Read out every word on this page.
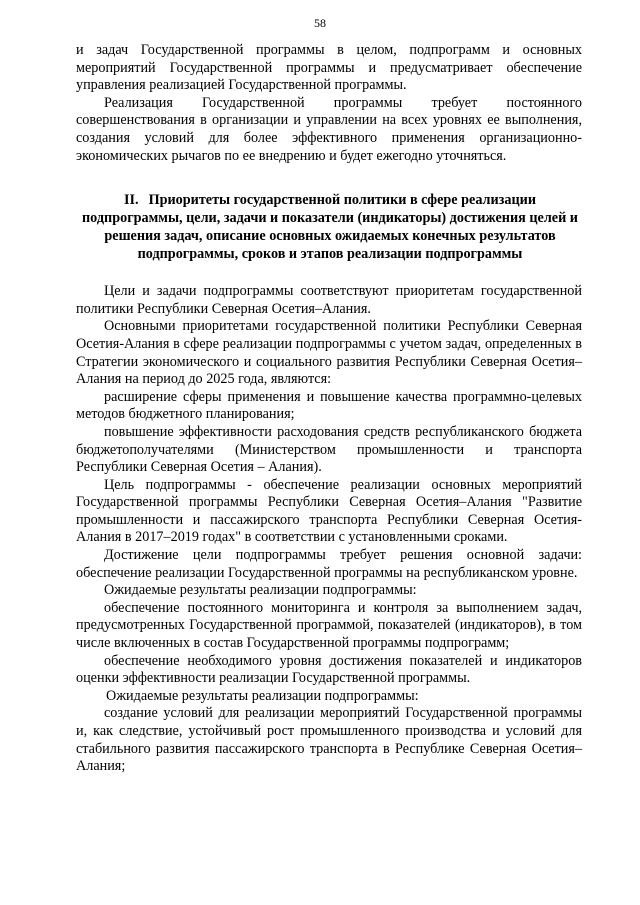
58

и задач Государственной программы в целом, подпрограмм и основных мероприятий Государственной программы и предусматривает обеспечение управления реализацией Государственной программы.

Реализация Государственной программы требует постоянного совершенствования в организации и управлении на всех уровнях ее выполнения, создания условий для более эффективного применения организационно-экономических рычагов по ее внедрению и будет ежегодно уточняться.

II. Приоритеты государственной политики в сфере реализации подпрограммы, цели, задачи и показатели (индикаторы) достижения целей и решения задач, описание основных ожидаемых конечных результатов подпрограммы, сроков и этапов реализации подпрограммы

Цели и задачи подпрограммы соответствуют приоритетам государственной политики Республики Северная Осетия–Алания.

Основными приоритетами государственной политики Республики Северная Осетия-Алания в сфере реализации подпрограммы с учетом задач, определенных в Стратегии экономического и социального развития Республики Северная Осетия–Алания на период до 2025 года, являются:

расширение сферы применения и повышение качества программно-целевых методов бюджетного планирования;

повышение эффективности расходования средств республиканского бюджета бюджетополучателями (Министерством промышленности и транспорта Республики Северная Осетия – Алания).

Цель подпрограммы - обеспечение реализации основных мероприятий Государственной программы Республики Северная Осетия–Алания "Развитие промышленности и пассажирского транспорта Республики Северная Осетия-Алания в 2017–2019 годах" в соответствии с установленными сроками.

Достижение цели подпрограммы требует решения основной задачи: обеспечение реализации Государственной программы на республиканском уровне.

Ожидаемые результаты реализации подпрограммы:

обеспечение постоянного мониторинга и контроля за выполнением задач, предусмотренных Государственной программой, показателей (индикаторов), в том числе включенных в состав Государственной программы подпрограмм;

обеспечение необходимого уровня достижения показателей и индикаторов оценки эффективности реализации Государственной программы.

Ожидаемые результаты реализации подпрограммы:

создание условий для реализации мероприятий Государственной программы и, как следствие, устойчивый рост промышленного производства и условий для стабильного развития пассажирского транспорта в Республике Северная Осетия–Алания;
